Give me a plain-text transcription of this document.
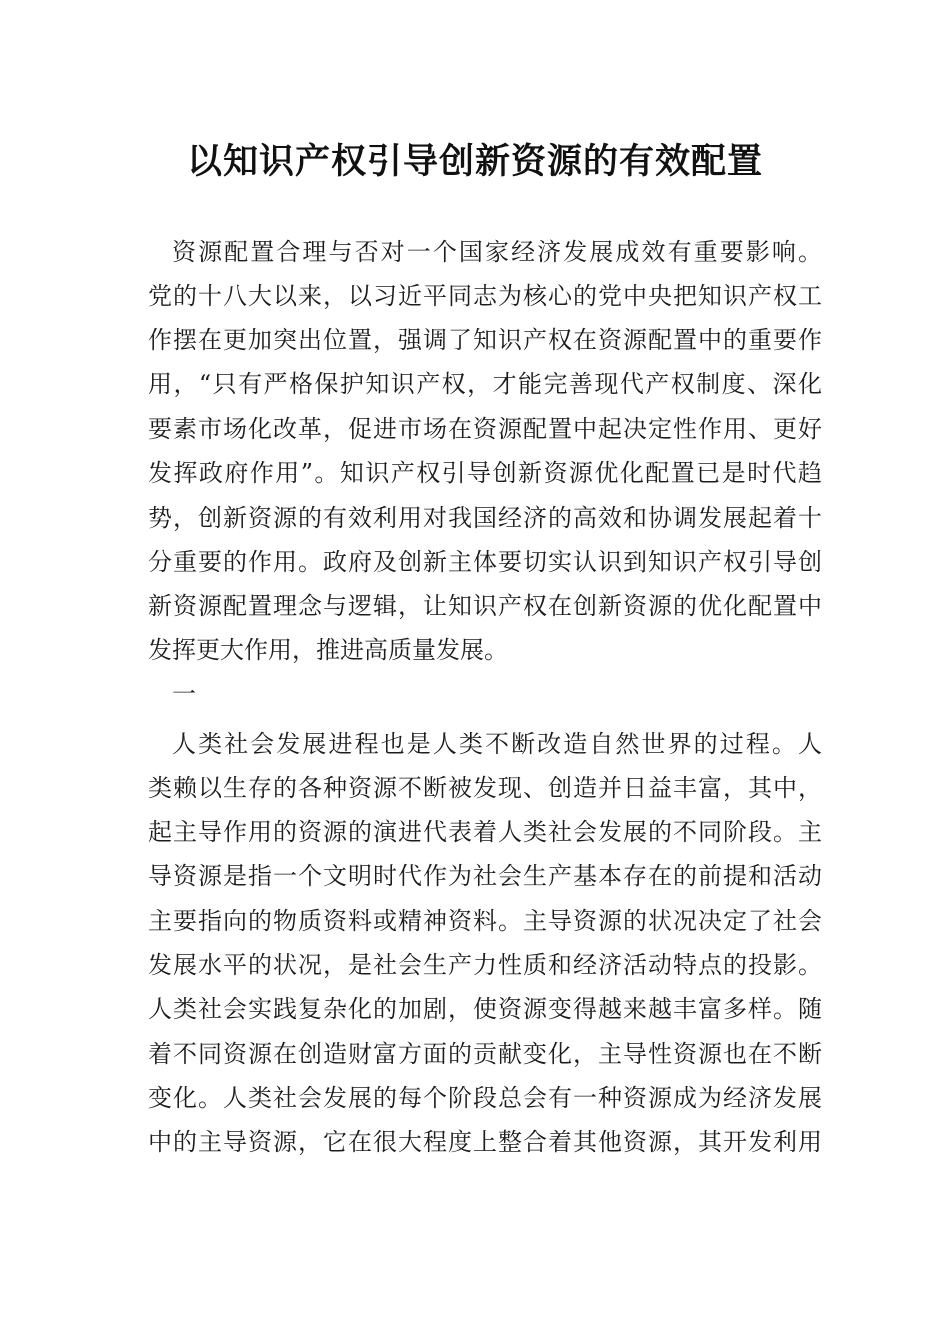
以知识产权引导创新资源的有效配置
资源配置合理与否对一个国家经济发展成效有重要影响。
党的十八大以来，以习近平同志为核心的党中央把知识产权工
作摆在更加突出位置，强调了知识产权在资源配置中的重要作
用，“只有严格保护知识产权，才能完善现代产权制度、深化
要素市场化改革，促进市场在资源配置中起决定性作用、更好
发挥政府作用”。知识产权引导创新资源优化配置已是时代趋
势，创新资源的有效利用对我国经济的高效和协调发展起着十
分重要的作用。政府及创新主体要切实认识到知识产权引导创
新资源配置理念与逻辑，让知识产权在创新资源的优化配置中
发挥更大作用，推进高质量发展。
一
人类社会发展进程也是人类不断改造自然世界的过程。人
类赖以生存的各种资源不断被发现、创造并日益丰富，其中，
起主导作用的资源的演进代表着人类社会发展的不同阶段。主
导资源是指一个文明时代作为社会生产基本存在的前提和活动
主要指向的物质资料或精神资料。主导资源的状况决定了社会
发展水平的状况，是社会生产力性质和经济活动特点的投影。
人类社会实践复杂化的加剧，使资源变得越来越丰富多样。随
着不同资源在创造财富方面的贡献变化，主导性资源也在不断
变化。人类社会发展的每个阶段总会有一种资源成为经济发展
中的主导资源，它在很大程度上整合着其他资源，其开发利用
